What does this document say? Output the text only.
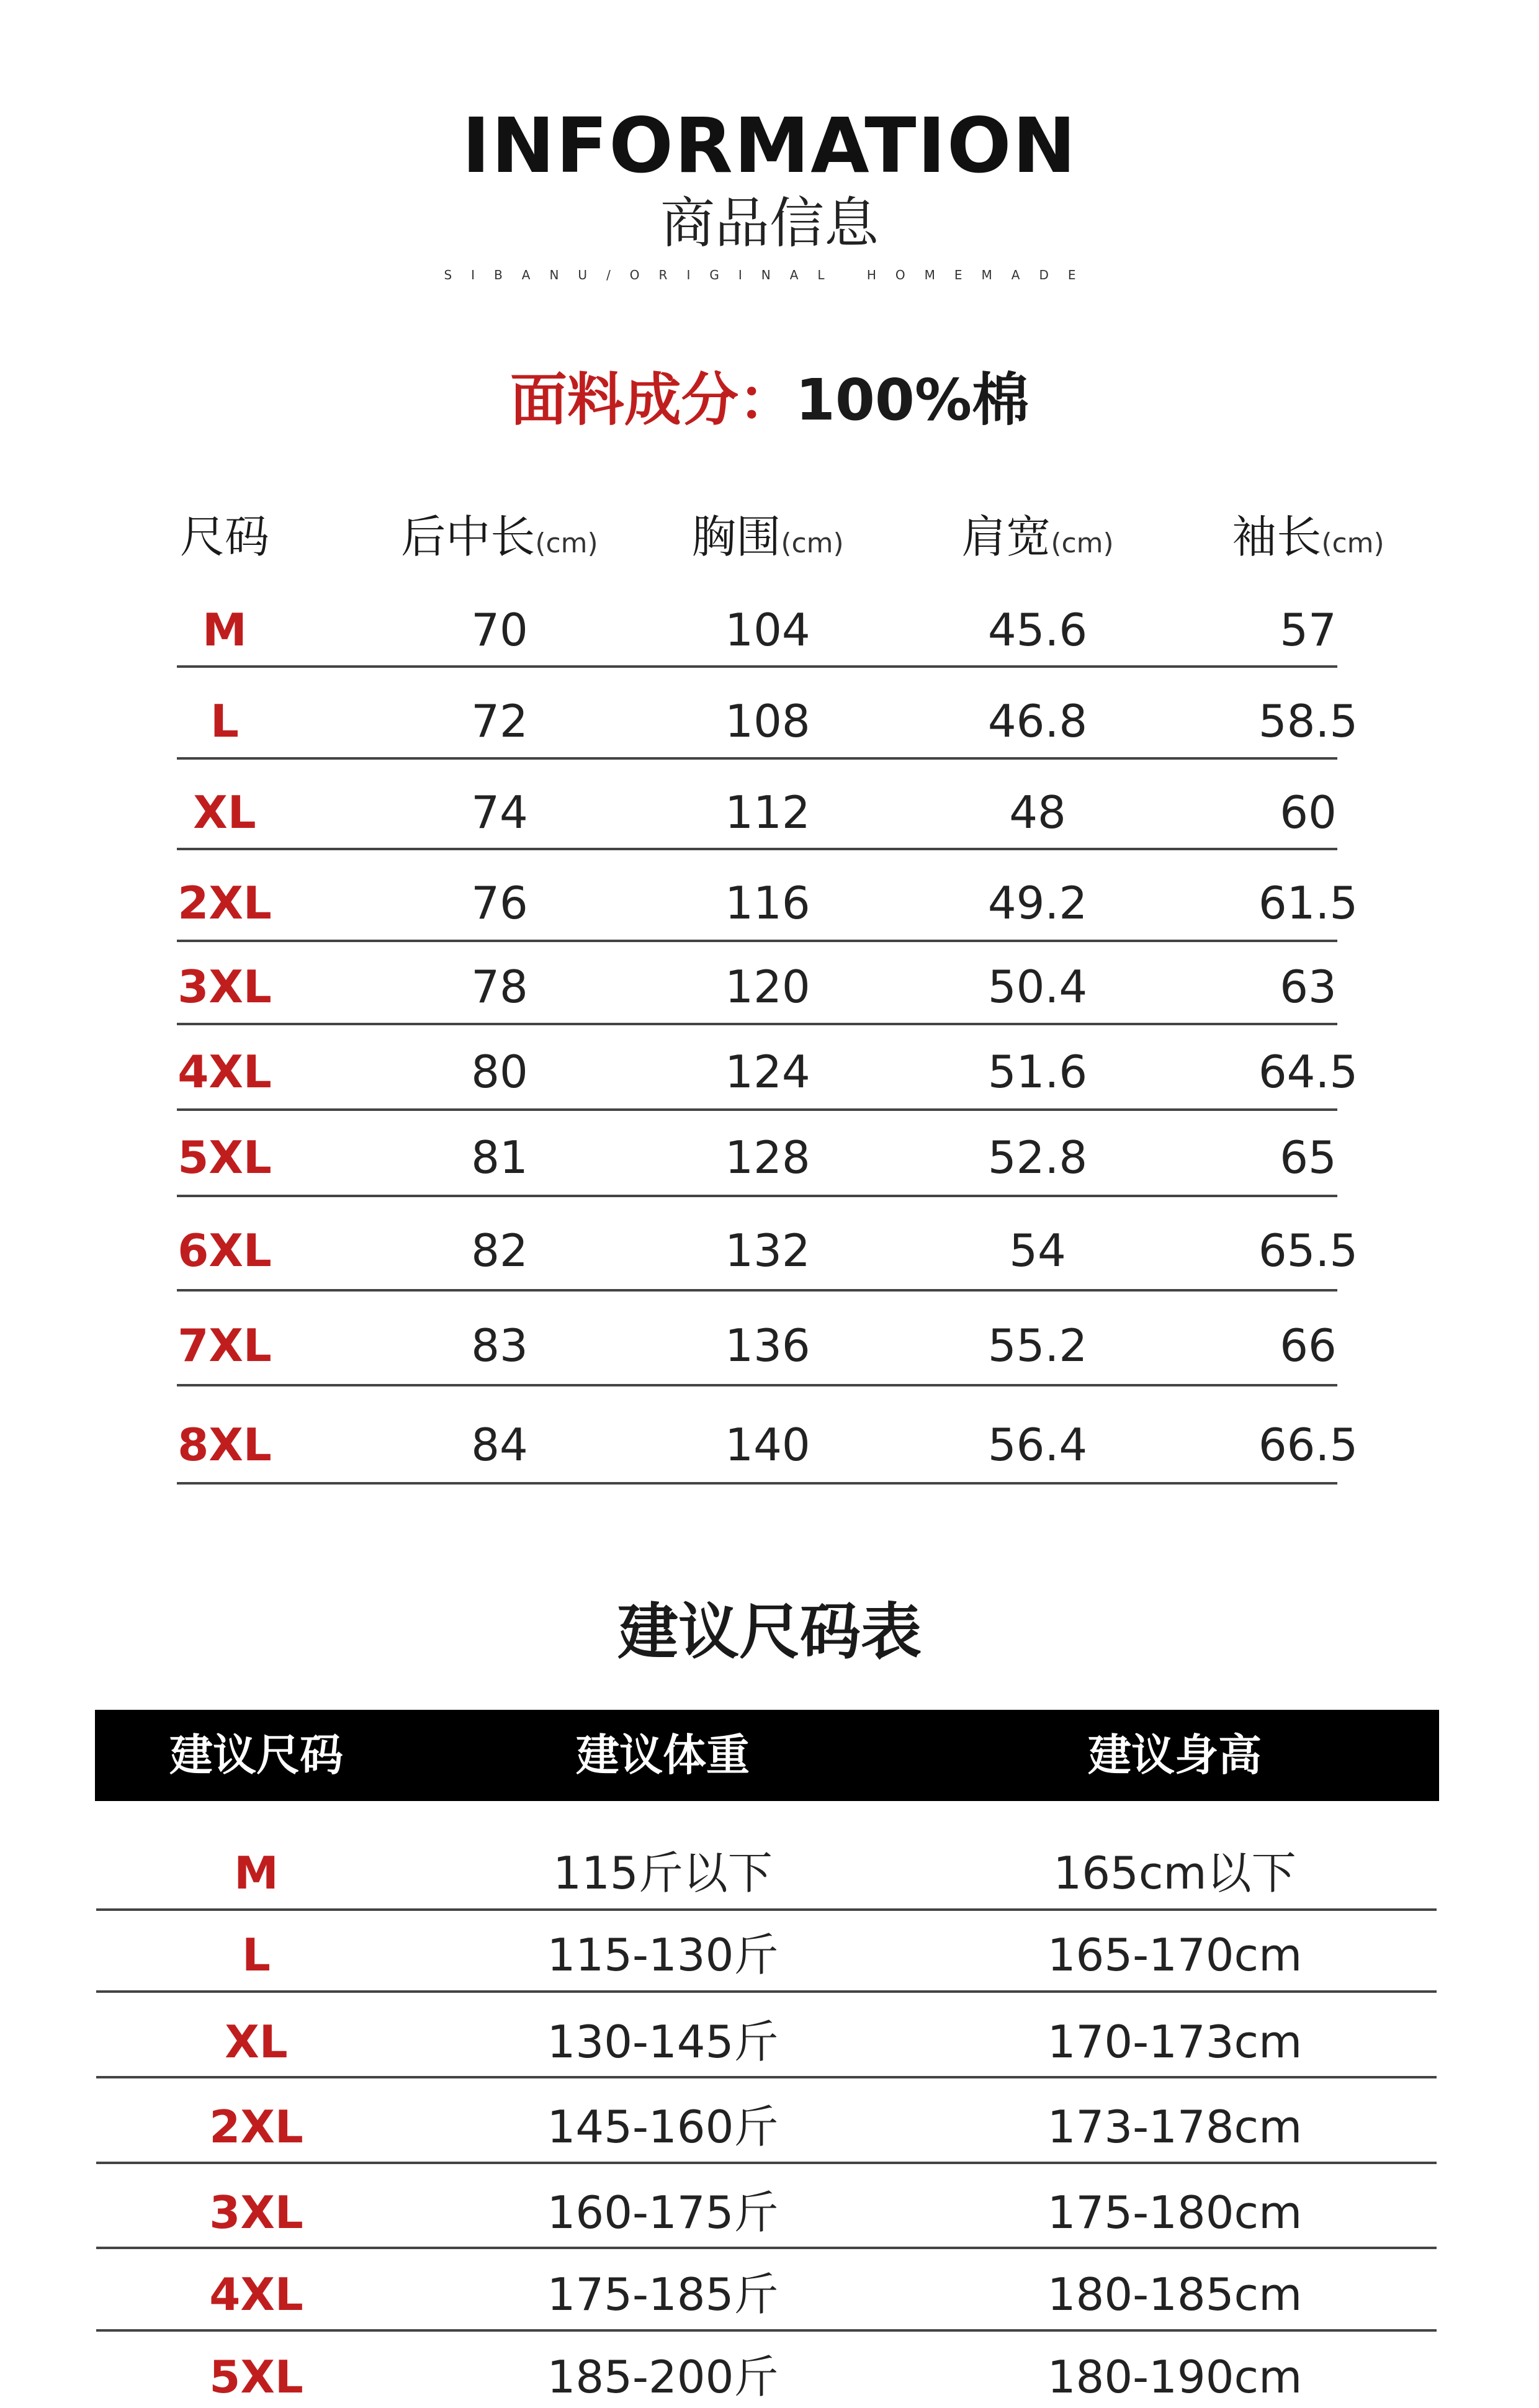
INFORMATION
商品信息
SIBANU/ORIGINAL HOMEMADE
面料成分：100%棉
尺码	后中长(cm)	胸围(cm)	肩宽(cm)	袖长(cm)
M	70	104	45.6	57
L	72	108	46.8	58.5
XL	74	112	48	60
2XL	76	116	49.2	61.5
3XL	78	120	50.4	63
4XL	80	124	51.6	64.5
5XL	81	128	52.8	65
6XL	82	132	54	65.5
7XL	83	136	55.2	66
8XL	84	140	56.4	66.5
建议尺码表
建议尺码	建议体重	建议身高
M	115斤以下	165cm以下
L	115-130斤	165-170cm
XL	130-145斤	170-173cm
2XL	145-160斤	173-178cm
3XL	160-175斤	175-180cm
4XL	175-185斤	180-185cm
5XL	185-200斤	180-190cm
